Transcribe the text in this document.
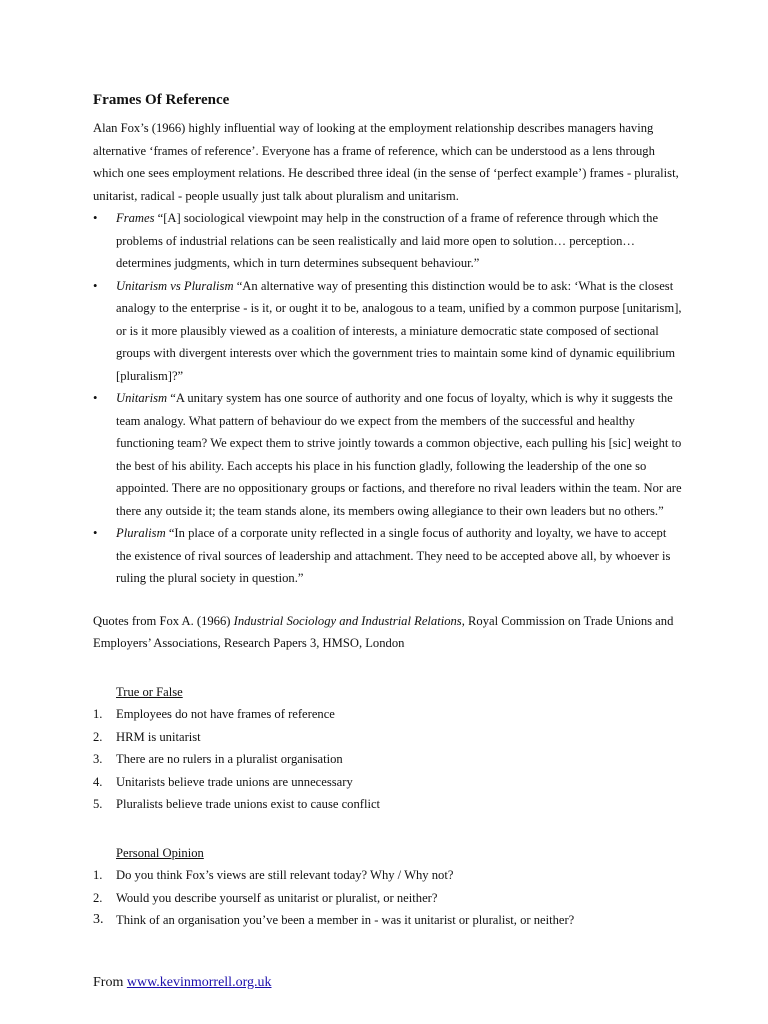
Frames Of Reference

Alan Fox’s (1966) highly influential way of looking at the employment relationship describes managers having alternative ‘frames of reference’. Everyone has a frame of reference, which can be understood as a lens through which one sees employment relations. He described three ideal (in the sense of ‘perfect example’) frames - pluralist, unitarist, radical - people usually just talk about pluralism and unitarism.

• Frames “[A] sociological viewpoint may help in the construction of a frame of reference through which the problems of industrial relations can be seen realistically and laid more open to solution… perception… determines judgments, which in turn determines subsequent behaviour.”
• Unitarism vs Pluralism “An alternative way of presenting this distinction would be to ask: ‘What is the closest analogy to the enterprise - is it, or ought it to be, analogous to a team, unified by a common purpose [unitarism], or is it more plausibly viewed as a coalition of interests, a miniature democratic state composed of sectional groups with divergent interests over which the government tries to maintain some kind of dynamic equilibrium [pluralism]?”
• Unitarism “A unitary system has one source of authority and one focus of loyalty, which is why it suggests the team analogy. What pattern of behaviour do we expect from the members of the successful and healthy functioning team? We expect them to strive jointly towards a common objective, each pulling his [sic] weight to the best of his ability. Each accepts his place in his function gladly, following the leadership of the one so appointed. There are no oppositionary groups or factions, and therefore no rival leaders within the team. Nor are there any outside it; the team stands alone, its members owing allegiance to their own leaders but no others.”
• Pluralism “In place of a corporate unity reflected in a single focus of authority and loyalty, we have to accept the existence of rival sources of leadership and attachment. They need to be accepted above all, by whoever is ruling the plural society in question.”

Quotes from Fox A. (1966) Industrial Sociology and Industrial Relations, Royal Commission on Trade Unions and Employers’ Associations, Research Papers 3, HMSO, London

True or False
1. Employees do not have frames of reference
2. HRM is unitarist
3. There are no rulers in a pluralist organisation
4. Unitarists believe trade unions are unnecessary
5. Pluralists believe trade unions exist to cause conflict
Personal Opinion
1. Do you think Fox’s views are still relevant today? Why / Why not?
2. Would you describe yourself as unitarist or pluralist, or neither?
3. Think of an organisation you’ve been a member in - was it unitarist or pluralist, or neither?
From www.kevinmorrell.org.uk
